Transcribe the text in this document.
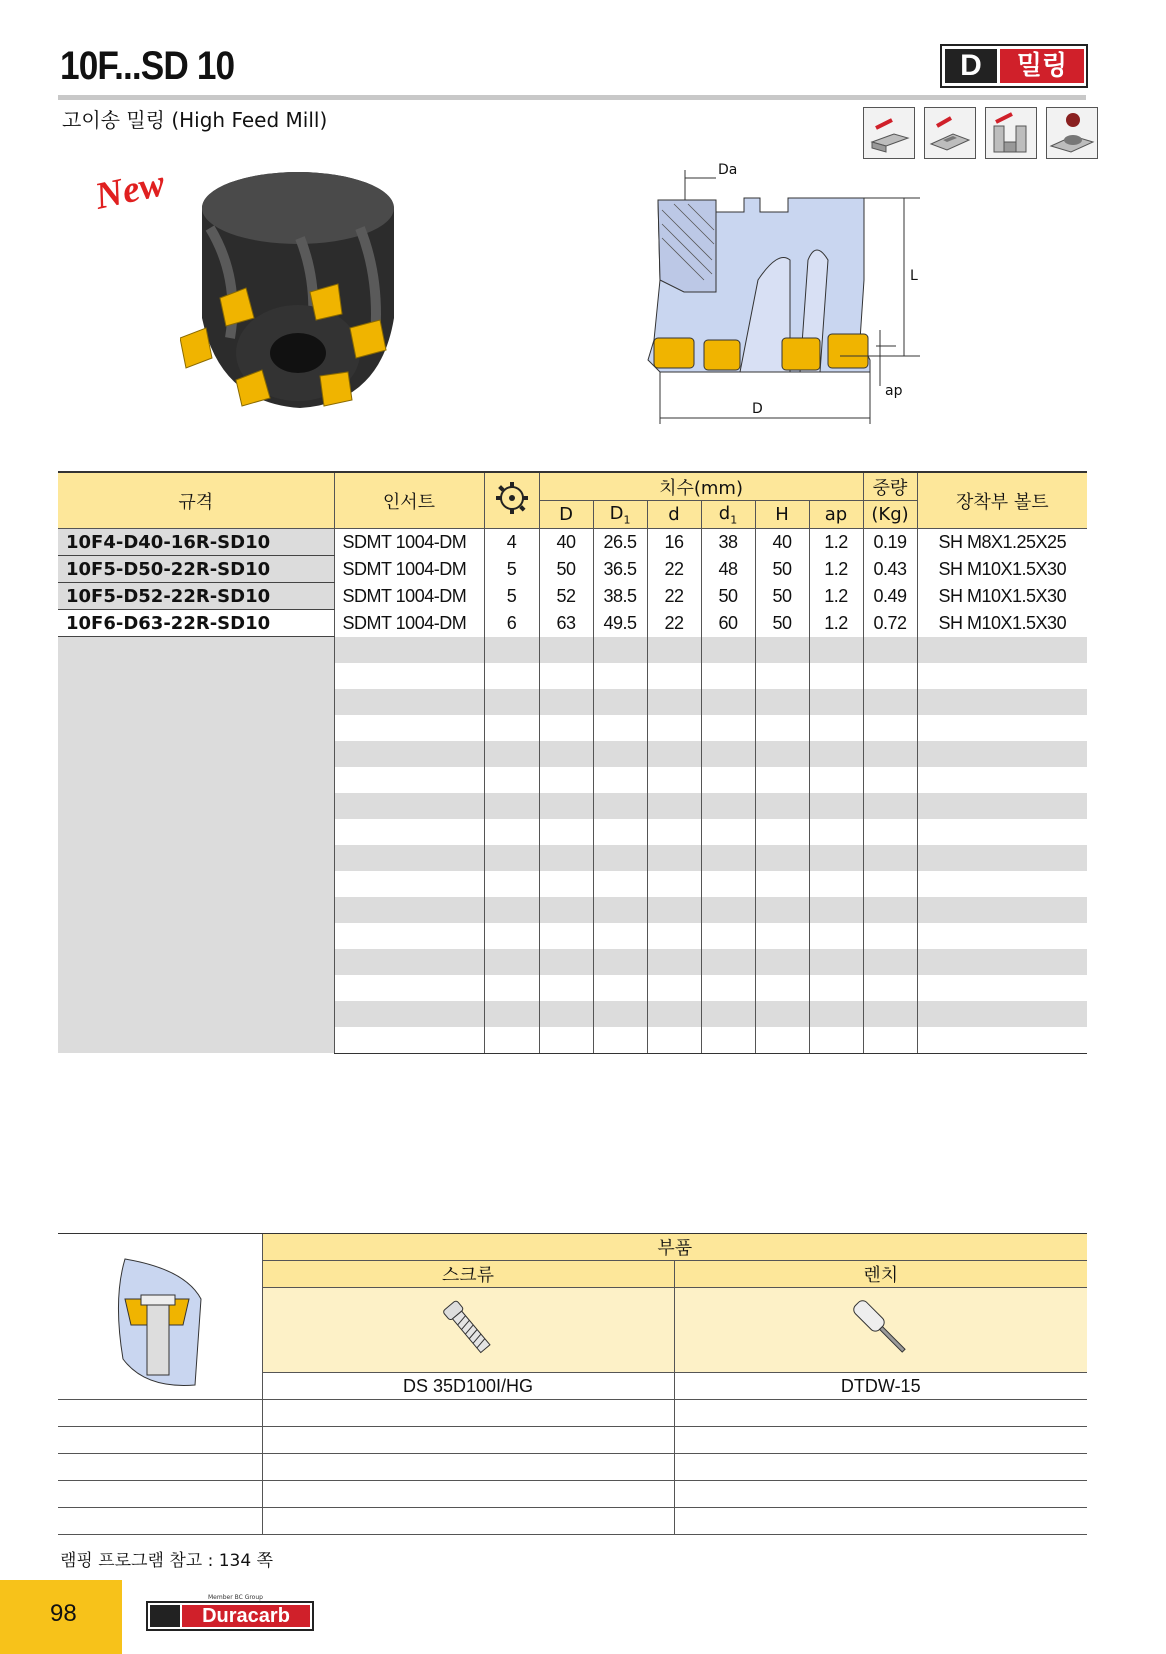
10F...SD 10	D	밀링
고이송 밀링 (High Feed Mill)
New	Da
L
ap
D
규격	인서트		치수(mm)						중량	장착부 볼트
			D	$D_1$	d	$d_1$	H	ap	(Kg)	
10F4-D40-16R-SD10	SDMT 1004-DM	4	40	26.5	16	38	40	1.2	0.19	SH M8X1.25X25
10F5-D50-22R-SD10	SDMT 1004-DM	5	50	36.5	22	48	50	1.2	0.43	SH M10X1.5X30
10F5-D52-22R-SD10	SDMT 1004-DM	5	52	38.5	22	50	50	1.2	0.49	SH M10X1.5X30
10F6-D63-22R-SD10	SDMT 1004-DM	6	63	49.5	22	60	50	1.2	0.72	SH M10X1.5X30

	부품	
	스크류	렌치

	DS 35D100I/HG	DTDW-15

램핑 프로그램 참고 : 134 쪽
98
Member BC Group
Duracarb
